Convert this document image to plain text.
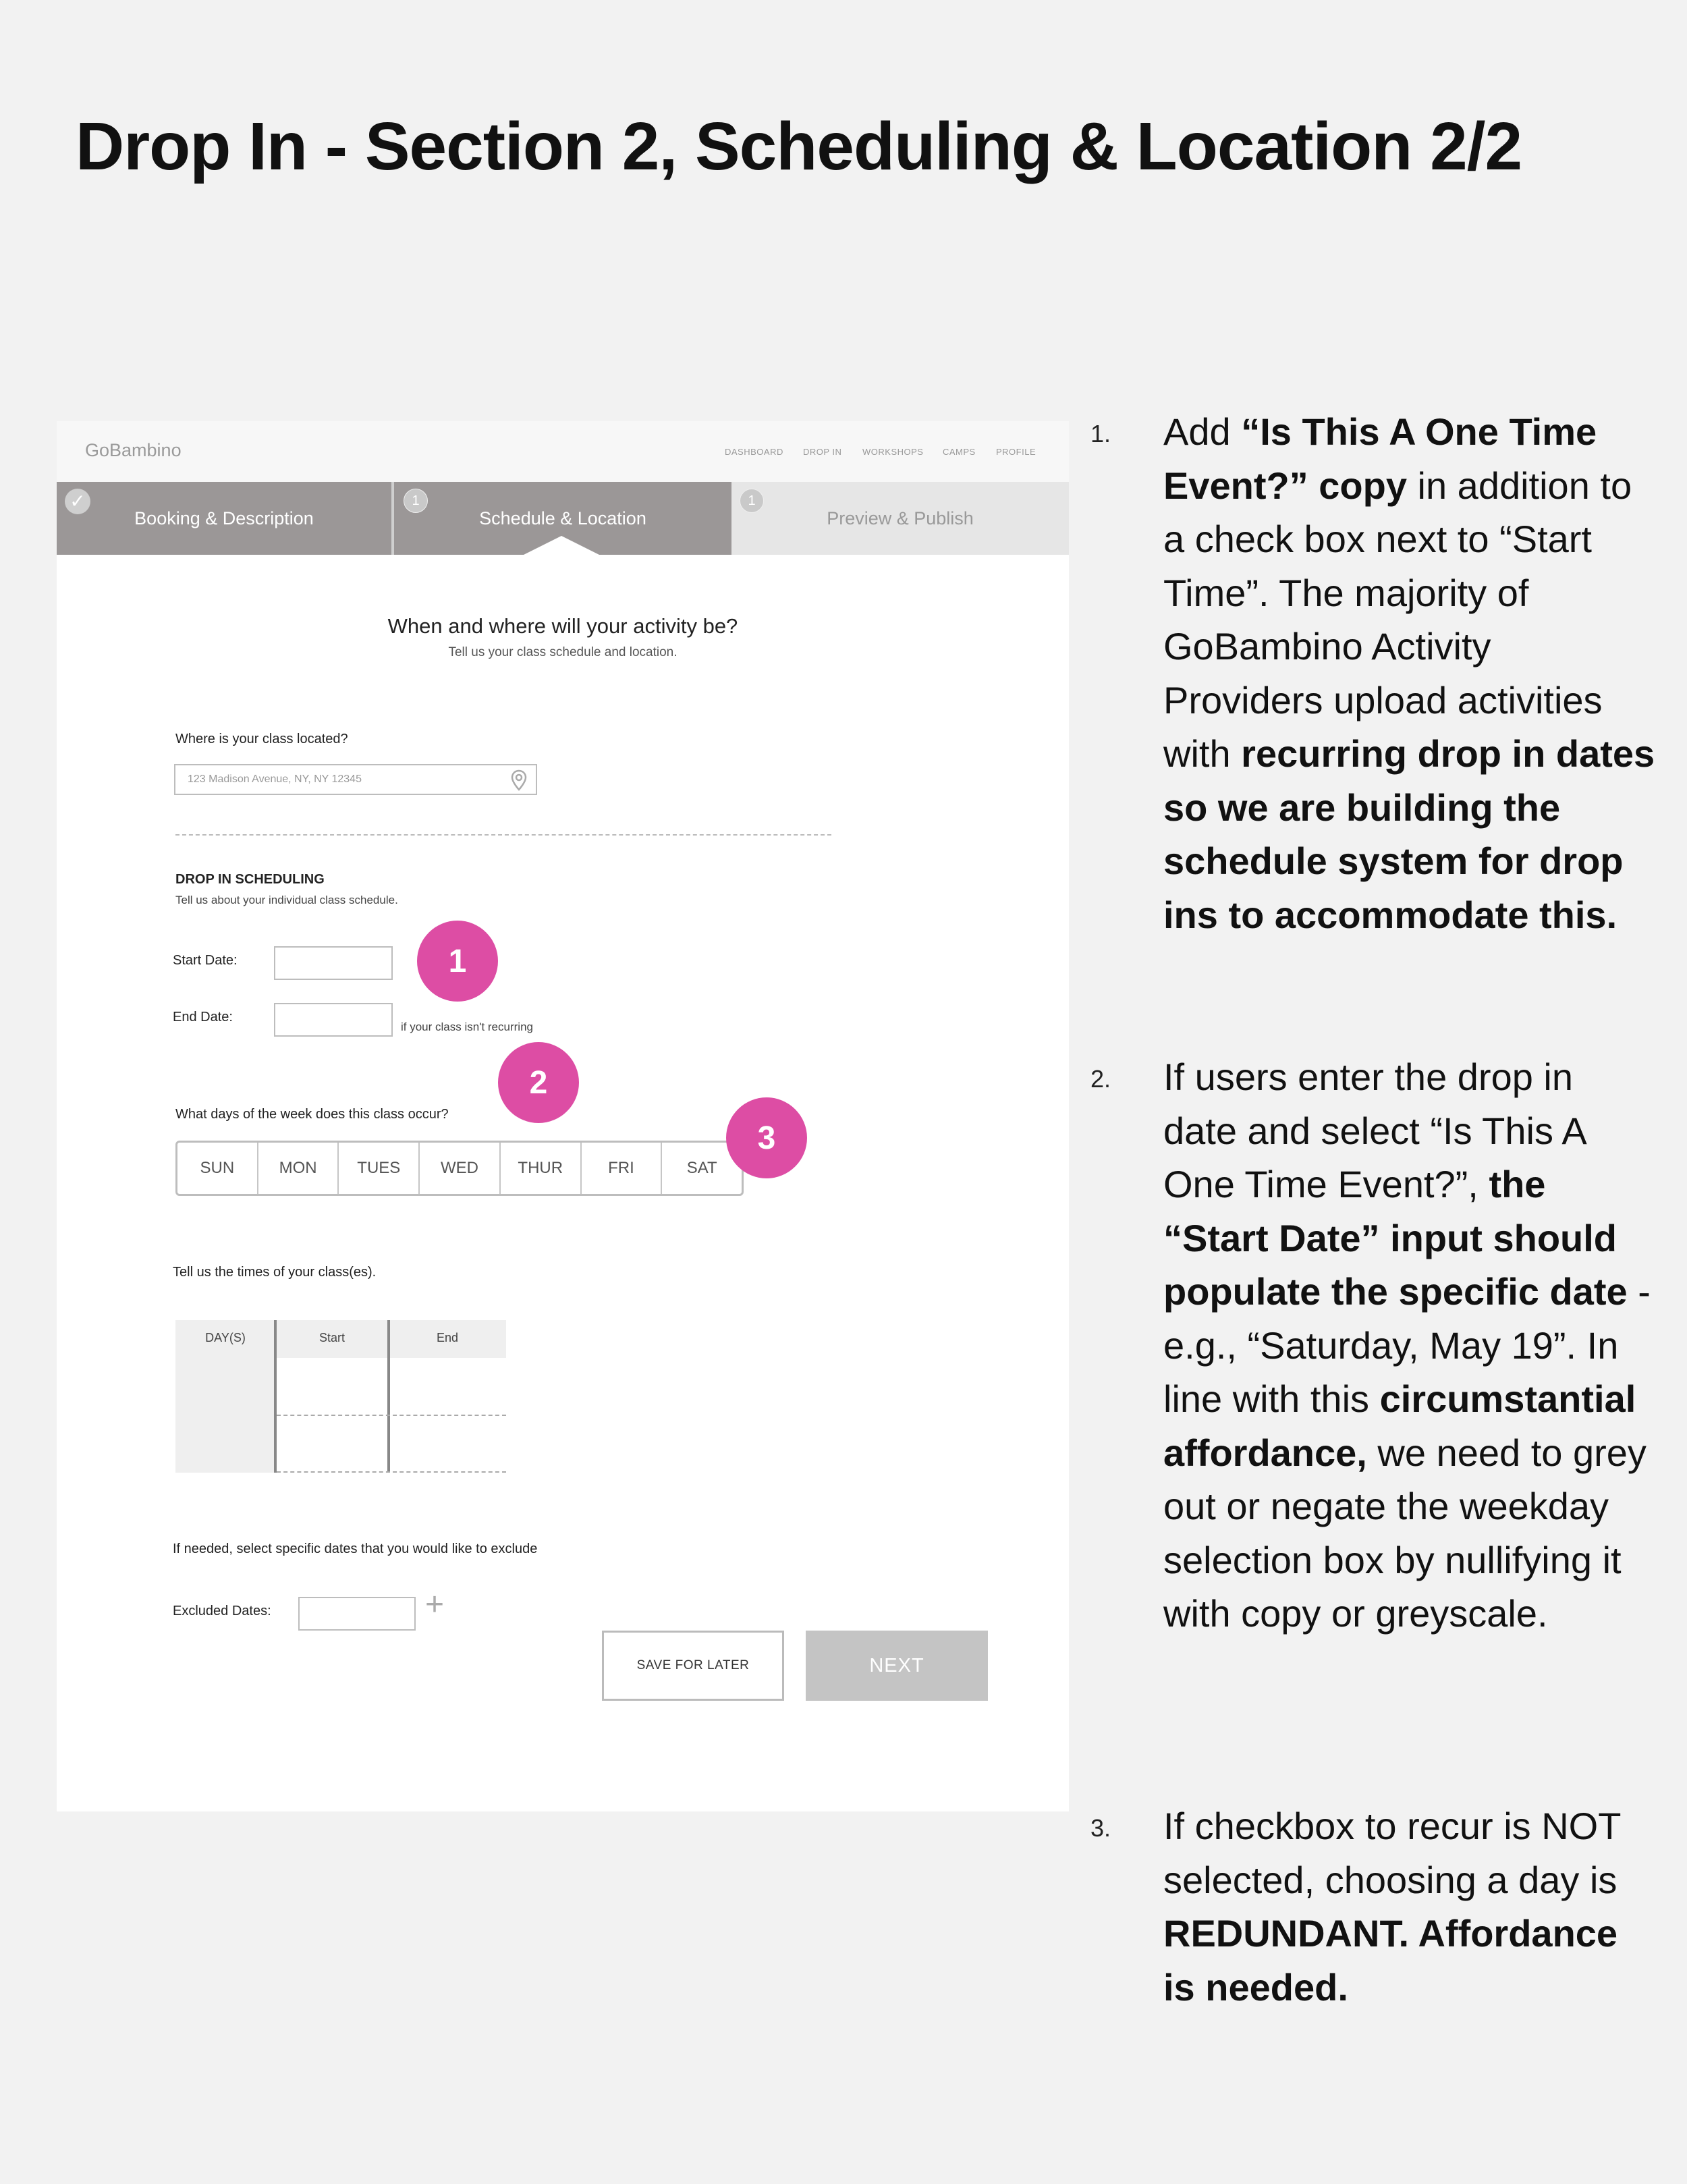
Drop In - Section 2, Scheduling & Location 2/2
GoBambino	DASHBOARD DROP IN WORKSHOPS CAMPS PROFILE
✓
Booking & Description
1
Schedule & Location
1
Preview & Publish
When and where will your activity be?
Tell us your class schedule and location.
Where is your class located?
123 Madison Avenue, NY, NY 12345
DROP IN SCHEDULING
Tell us about your individual class schedule.
Start Date:
End Date:
if your class isn't recurring
What days of the week does this class occur?
SUN	MON	TUES	WED	THUR	FRI	SAT
Tell us the times of your class(es).
DAY(S)	Start	End
If needed, select specific dates that you would like to exclude
Excluded Dates:	+
SAVE FOR LATER	NEXT
1
2
3
1. Add “Is This A One Time Event?” copy in addition to a check box next to “Start Time”. The majority of GoBambino Activity Providers upload activities with recurring drop in dates so we are building the schedule system for drop ins to accommodate this.
2. If users enter the drop in date and select “Is This A One Time Event?”, the “Start Date” input should populate the specific date - e.g., “Saturday, May 19”. In line with this circumstantial affordance, we need to grey out or negate the weekday selection box by nullifying it with copy or greyscale.
3. If checkbox to recur is NOT selected, choosing a day is REDUNDANT. Affordance is needed.
